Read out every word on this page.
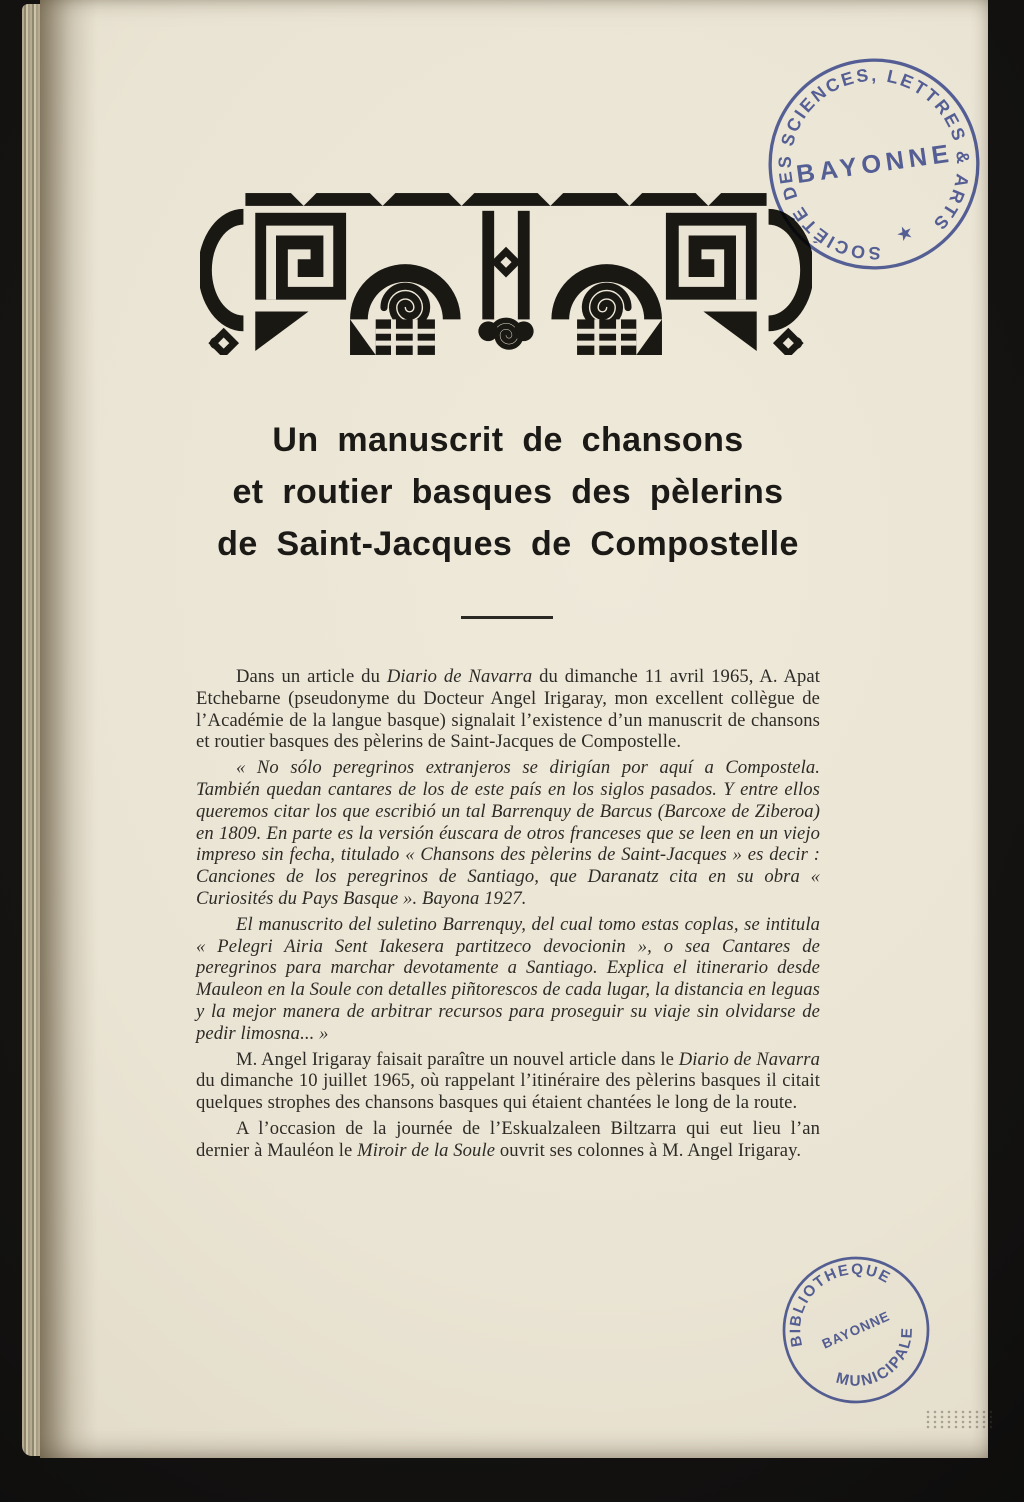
Un manuscrit de chansons
et routier basques des pèlerins
de Saint-Jacques de Compostelle

Dans un article du Diario de Navarra du dimanche 11 avril 1965, A. Apat Etchebarne (pseudonyme du Docteur Angel Irigaray, mon excellent collègue de l’Académie de la langue basque) signalait l’existence d’un manuscrit de chansons et routier basques des pèlerins de Saint-Jacques de Compostelle.

« No sólo peregrinos extranjeros se dirigían por aquí a Compostela. También quedan cantares de los de este país en los siglos pasados. Y entre ellos queremos citar los que escribió un tal Barrenquy de Barcus (Barcoxe de Ziberoa) en 1809. En parte es la versión éuscara de otros franceses que se leen en un viejo impreso sin fecha, titulado « Chansons des pèlerins de Saint-Jacques » es decir : Canciones de los peregrinos de Santiago, que Daranatz cita en su obra « Curiosités du Pays Basque ». Bayona 1927.

El manuscrito del suletino Barrenquy, del cual tomo estas coplas, se intitula « Pelegri Airia Sent Iakesera partitzeco devocionin », o sea Cantares de peregrinos para marchar devotamente a Santiago. Explica el itinerario desde Mauleon en la Soule con detalles piñtorescos de cada lugar, la distancia en leguas y la mejor manera de arbitrar recursos para proseguir su viaje sin olvidarse de pedir limosna... »

M. Angel Irigaray faisait paraître un nouvel article dans le Diario de Navarra du dimanche 10 juillet 1965, où rappelant l’itinéraire des pèlerins basques il citait quelques strophes des chansons basques qui étaient chantées le long de la route.

A l’occasion de la journée de l’Eskualzaleen Biltzarra qui eut lieu l’an dernier à Mauléon le Miroir de la Soule ouvrit ses colonnes à M. Angel Irigaray.

SOCIÉTÉ DES SCIENCES, LETTRES & ARTS
BAYONNE
★
BIBLIOTHEQUE
MUNICIPALE
BAYONNE
